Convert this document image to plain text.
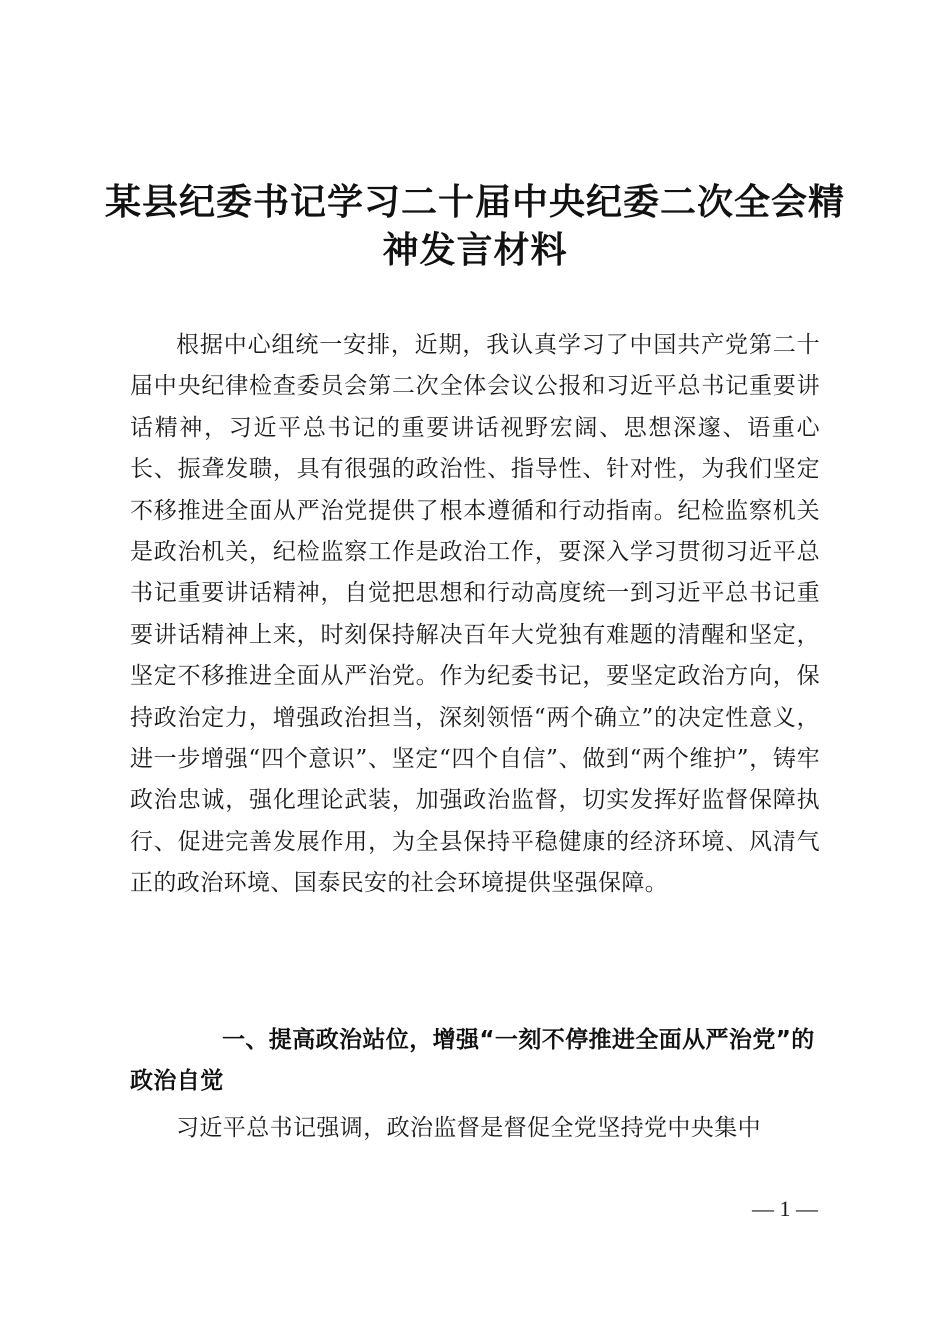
某县纪委书记学习二十届中央纪委二次全会精神发言材料

根据中心组统一安排，近期，我认真学习了中国共产党第二十届中央纪律检查委员会第二次全体会议公报和习近平总书记重要讲话精神，习近平总书记的重要讲话视野宏阔、思想深邃、语重心长、振聋发聩，具有很强的政治性、指导性、针对性，为我们坚定不移推进全面从严治党提供了根本遵循和行动指南。纪检监察机关是政治机关，纪检监察工作是政治工作，要深入学习贯彻习近平总书记重要讲话精神，自觉把思想和行动高度统一到习近平总书记重要讲话精神上来，时刻保持解决百年大党独有难题的清醒和坚定，坚定不移推进全面从严治党。作为纪委书记，要坚定政治方向，保持政治定力，增强政治担当，深刻领悟“两个确立”的决定性意义，进一步增强“四个意识”、坚定“四个自信”、做到“两个维护”，铸牢政治忠诚，强化理论武装，加强政治监督，切实发挥好监督保障执行、促进完善发展作用，为全县保持平稳健康的经济环境、风清气正的政治环境、国泰民安的社会环境提供坚强保障。

一、提高政治站位，增强“一刻不停推进全面从严治党”的政治自觉

习近平总书记强调，政治监督是督促全党坚持党中央集中

— 1 —
